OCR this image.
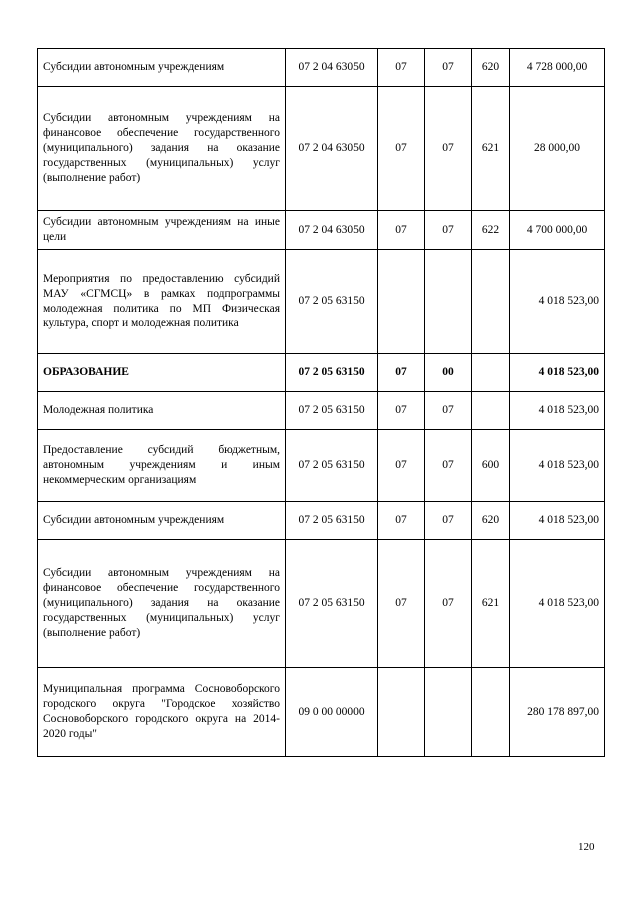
Субсидии автономным учреждениям	07 2 04 63050	07	07	620	4 728 000,00
Субсидии автономным учреждениям на финансовое обеспечение государственного (муниципального) задания на оказание государственных (муниципальных) услуг (выполнение работ)	07 2 04 63050	07	07	621	28 000,00
Субсидии автономным учреждениям на иные цели	07 2 04 63050	07	07	622	4 700 000,00
Мероприятия по предоставлению субсидий МАУ «СГМСЦ» в рамках подпрограммы молодежная политика по МП Физическая культура, спорт и молодежная политика	07 2 05 63150				4 018 523,00
ОБРАЗОВАНИЕ	07 2 05 63150	07	00		4 018 523,00
Молодежная политика	07 2 05 63150	07	07		4 018 523,00
Предоставление субсидий бюджетным, автономным учреждениям и иным некоммерческим организациям	07 2 05 63150	07	07	600	4 018 523,00
Субсидии автономным учреждениям	07 2 05 63150	07	07	620	4 018 523,00
Субсидии автономным учреждениям на финансовое обеспечение государственного (муниципального) задания на оказание государственных (муниципальных) услуг (выполнение работ)	07 2 05 63150	07	07	621	4 018 523,00
Муниципальная программа Сосновоборского городского округа "Городское хозяйство Сосновоборского городского округа на 2014-2020 годы"	09 0 00 00000				280 178 897,00
120
